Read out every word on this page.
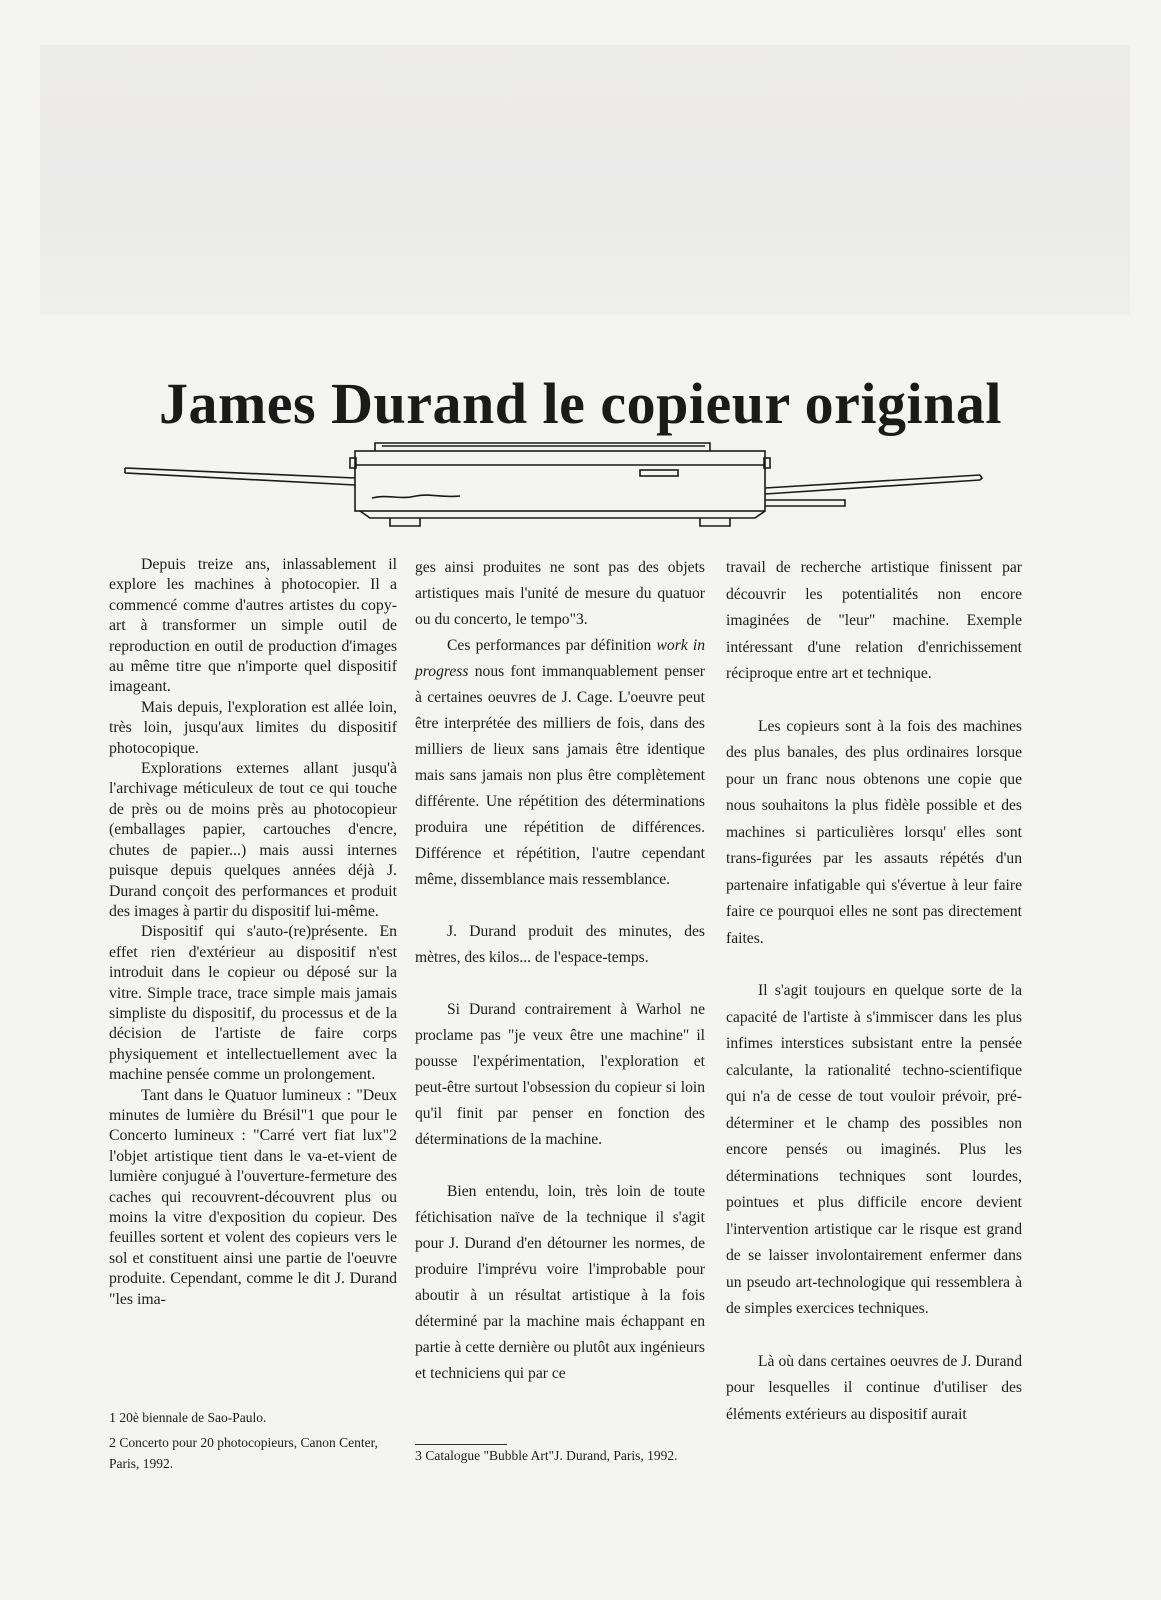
James Durand le copieur original

Depuis treize ans, inlassablement il explore les machines à photocopier. Il a commencé comme d'autres artistes du copy-art à transformer un simple outil de reproduction en outil de production d'images au même titre que n'importe quel dispositif imageant.

Mais depuis, l'exploration est allée loin, très loin, jusqu'aux limites du dispositif photocopique.

Explorations externes allant jusqu'à l'archivage méticuleux de tout ce qui touche de près ou de moins près au photocopieur (emballages papier, cartouches d'encre, chutes de papier...) mais aussi internes puisque depuis quelques années déjà J. Durand conçoit des performances et produit des images à partir du dispositif lui-même.

Dispositif qui s'auto-(re)présente. En effet rien d'extérieur au dispositif n'est introduit dans le copieur ou déposé sur la vitre. Simple trace, trace simple mais jamais simpliste du dispositif, du processus et de la décision de l'artiste de faire corps physiquement et intellectuellement avec la machine pensée comme un prolongement.

Tant dans le Quatuor lumineux : "Deux minutes de lumière du Brésil"1 que pour le Concerto lumineux : "Carré vert fiat lux"2 l'objet artistique tient dans le va-et-vient de lumière conjugué à l'ouverture-fermeture des caches qui recouvrent-découvrent plus ou moins la vitre d'exposition du copieur. Des feuilles sortent et volent des copieurs vers le sol et constituent ainsi une partie de l'oeuvre produite. Cependant, comme le dit J. Durand "les ima-

ges ainsi produites ne sont pas des objets artistiques mais l'unité de mesure du quatuor ou du concerto, le tempo"3.

Ces performances par définition work in progress nous font immanquablement penser à certaines oeuvres de J. Cage. L'oeuvre peut être interprétée des milliers de fois, dans des milliers de lieux sans jamais être identique mais sans jamais non plus être complètement différente. Une répétition des déterminations produira une répétition de différences. Différence et répétition, l'autre cependant même, dissemblance mais ressemblance.

J. Durand produit des minutes, des mètres, des kilos... de l'espace-temps.

Si Durand contrairement à Warhol ne proclame pas "je veux être une machine" il pousse l'expérimentation, l'exploration et peut-être surtout l'obsession du copieur si loin qu'il finit par penser en fonction des déterminations de la machine.

Bien entendu, loin, très loin de toute fétichisation naïve de la technique il s'agit pour J. Durand d'en détourner les normes, de produire l'imprévu voire l'improbable pour aboutir à un résultat artistique à la fois déterminé par la machine mais échappant en partie à cette dernière ou plutôt aux ingénieurs et techniciens qui par ce

travail de recherche artistique finissent par découvrir les potentialités non encore imaginées de "leur" machine. Exemple intéressant d'une relation d'enrichissement réciproque entre art et technique.

Les copieurs sont à la fois des machines des plus banales, des plus ordinaires lorsque pour un franc nous obtenons une copie que nous souhaitons la plus fidèle possible et des machines si particulières lorsqu' elles sont trans-figurées par les assauts répétés d'un partenaire infatigable qui s'évertue à leur faire faire ce pourquoi elles ne sont pas directement faites.

Il s'agit toujours en quelque sorte de la capacité de l'artiste à s'immiscer dans les plus infimes interstices subsistant entre la pensée calculante, la rationalité techno-scientifique qui n'a de cesse de tout vouloir prévoir, pré-déterminer et le champ des possibles non encore pensés ou imaginés. Plus les déterminations techniques sont lourdes, pointues et plus difficile encore devient l'intervention artistique car le risque est grand de se laisser involontairement enfermer dans un pseudo art-technologique qui ressemblera à de simples exercices techniques.

Là où dans certaines oeuvres de J. Durand pour lesquelles il continue d'utiliser des éléments extérieurs au dispositif aurait

1 20è biennale de Sao-Paulo.

2 Concerto pour 20 photocopieurs, Canon Center, Paris, 1992.	3 Catalogue "Bubble Art"J. Durand, Paris, 1992.
